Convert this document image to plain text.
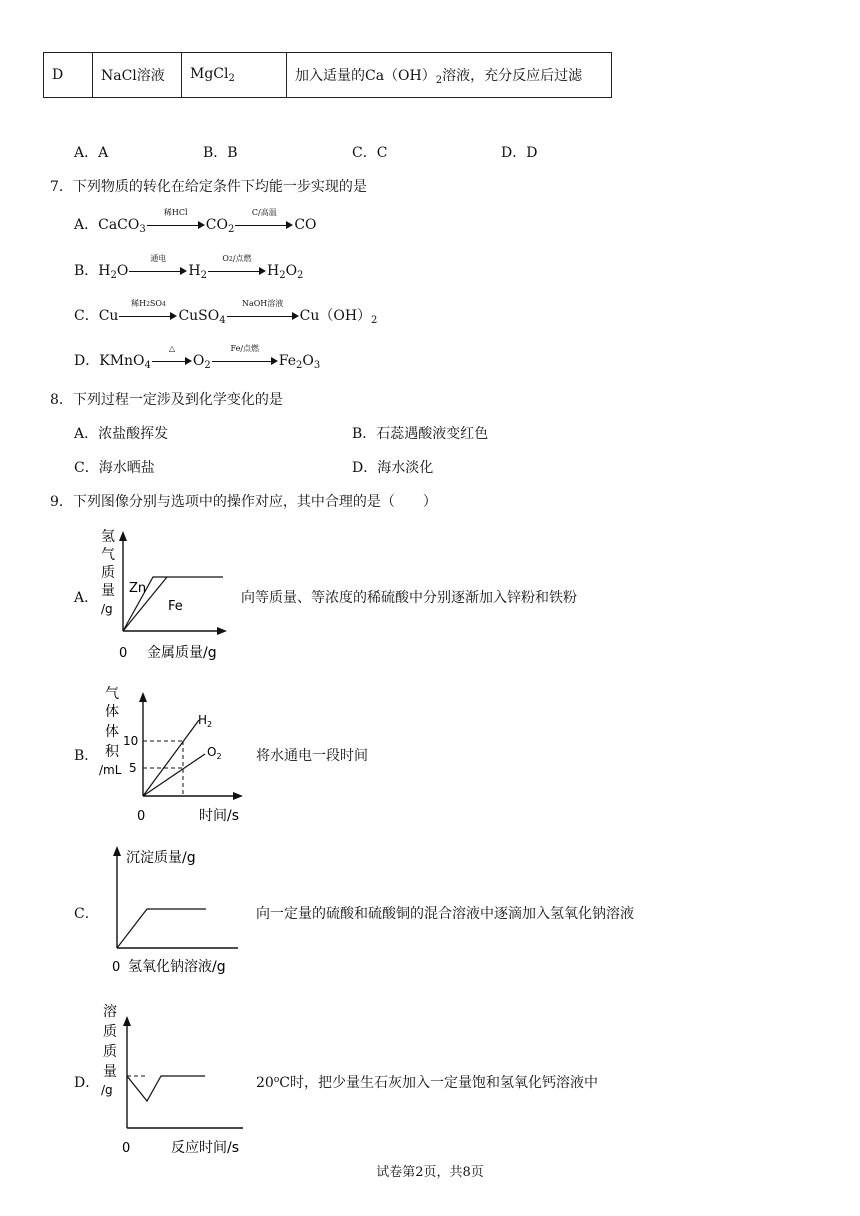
D	NaCl溶液	MgCl$_2$	加入适量的$Ca(OH)_2$溶液，充分反应后过滤
A．A	B．B	C．C	D．D
7．下列物质的转化在给定条件下均能一步实现的是
A．CaCO$_3$
稀HCl
$CO_2$
C/高温
CO
B．$H_2O$
通电
$H_2$
O2/点燃
$H_2O_2$
C．Cu
稀H2SO4
CuSO$_4$
NaOH溶液
$Cu(OH)_2$
D．KMnO$_4$
△
$O_2$
Fe/点燃
$Fe_2O_3$
8．下列过程一定涉及到化学变化的是
A．浓盐酸挥发	B．石蕊遇酸液变红色
C．海水晒盐	D．海水淡化
9．下列图像分别与选项中的操作对应，其中合理的是（　　）
A．
氢
气
质
量
/g
Zn
Fe
0 金属质量/g
向等质量、等浓度的稀硫酸中分别逐渐加入锌粉和铁粉
B．
气
体
体
积
/mL
10
5
$H_2$
$O_2$
0	时间/s
将水通电一段时间
C．
沉淀质量/g
0 氢氧化钠溶液/g
向一定量的硫酸和硫酸铜的混合溶液中逐滴加入氢氧化钠溶液
D．
溶
质
质
量
/g
0	反应时间/s
20$^o$C时，把少量生石灰加入一定量饱和氢氧化钙溶液中
试卷第2页，共8页
